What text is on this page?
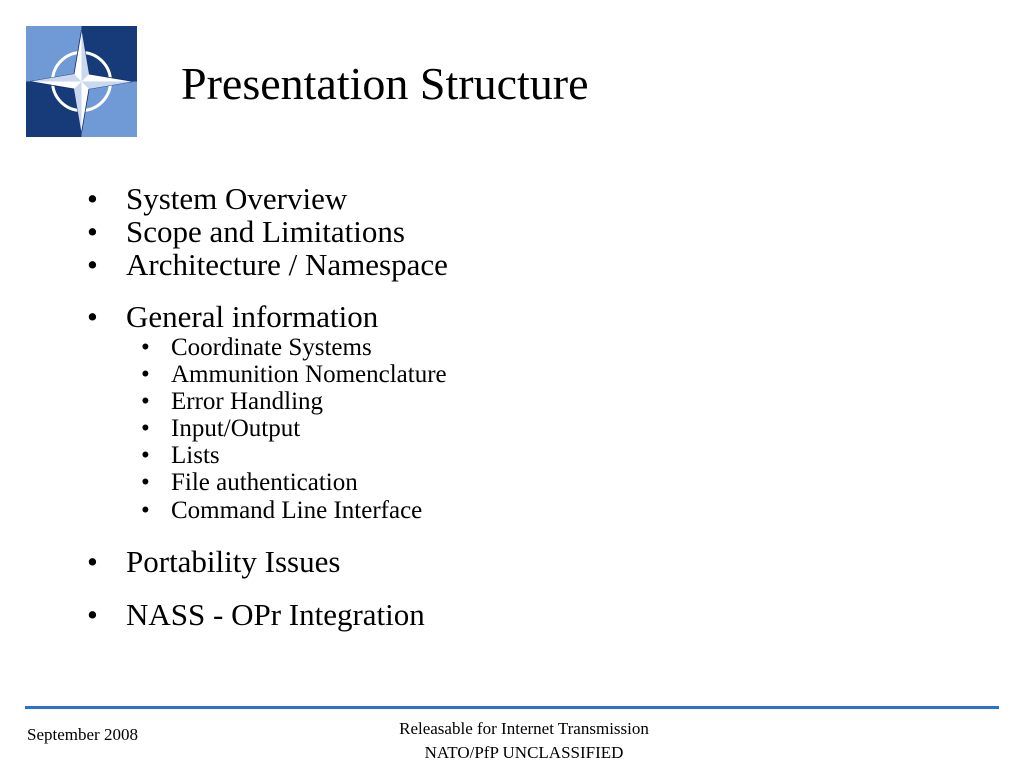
Presentation Structure
• System Overview
• Scope and Limitations
• Architecture / Namespace
• General information
• Coordinate Systems
• Ammunition Nomenclature
• Error Handling
• Input/Output
• Lists
• File authentication
• Command Line Interface
• Portability Issues
• NASS - OPr Integration
September 2008	Releasable for Internet Transmission
NATO/PfP UNCLASSIFIED
